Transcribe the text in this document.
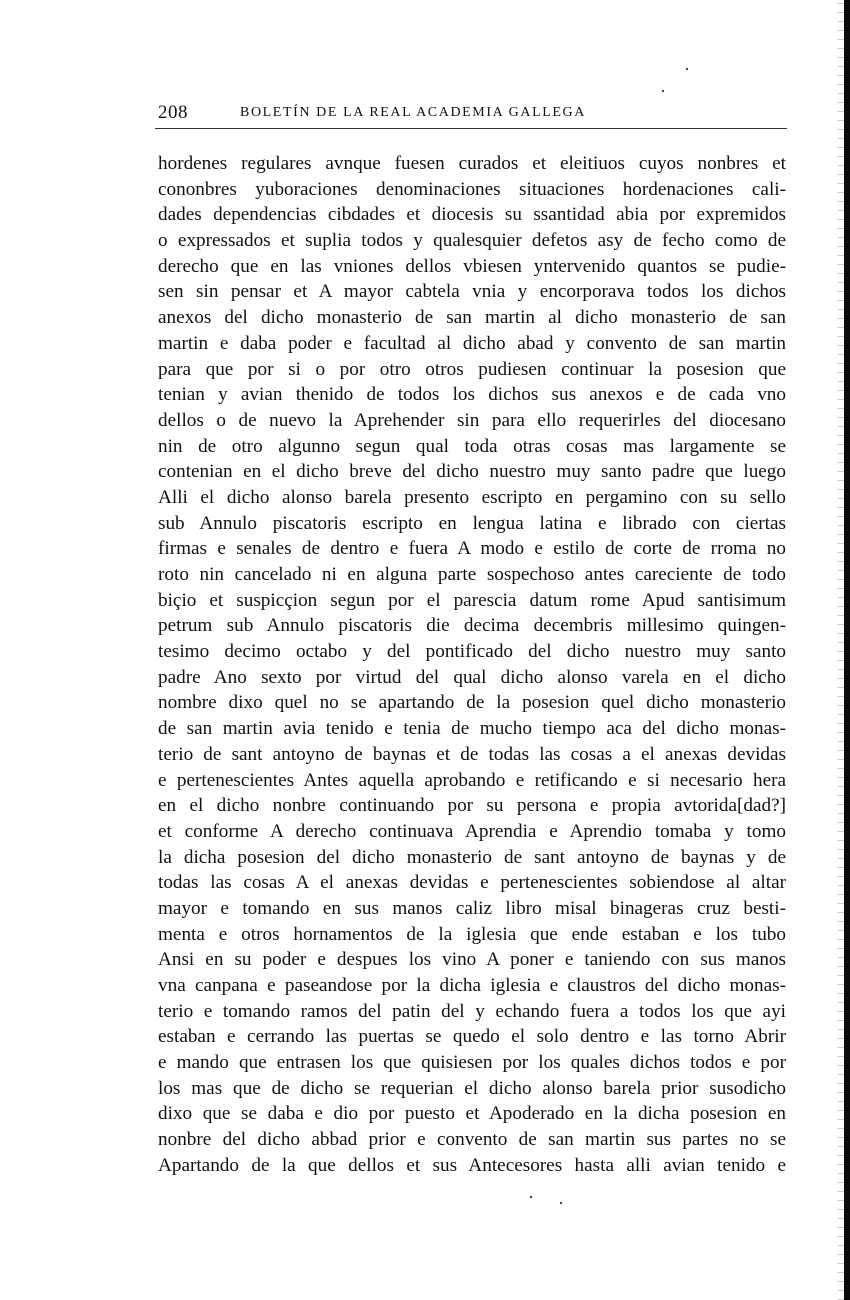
208	BOLETÍN DE LA REAL ACADEMIA GALLEGA
hordenes regulares avnque fuesen curados et eleitiuos cuyos nonbres et
cononbres yuboraciones denominaciones situaciones hordenaciones cali-
dades dependencias cibdades et diocesis su ssantidad abia por expremidos
o expressados et suplia todos y qualesquier defetos asy de fecho como de
derecho que en las vniones dellos vbiesen yntervenido quantos se pudie-
sen sin pensar et A mayor cabtela vnia y encorporava todos los dichos
anexos del dicho monasterio de san martin al dicho monasterio de san
martin e daba poder e facultad al dicho abad y convento de san martin
para que por si o por otro otros pudiesen continuar la posesion que
tenian y avian thenido de todos los dichos sus anexos e de cada vno
dellos o de nuevo la Aprehender sin para ello requerirles del diocesano
nin de otro algunno segun qual toda otras cosas mas largamente se
contenian en el dicho breve del dicho nuestro muy santo padre que luego
Alli el dicho alonso barela presento escripto en pergamino con su sello
sub Annulo piscatoris escripto en lengua latina e librado con ciertas
firmas e senales de dentro e fuera A modo e estilo de corte de rroma no
roto nin cancelado ni en alguna parte sospechoso antes careciente de todo
biçio et suspicçion segun por el parescia datum rome Apud santisimum
petrum sub Annulo piscatoris die decima decembris millesimo quingen-
tesimo decimo octabo y del pontificado del dicho nuestro muy santo
padre Ano sexto por virtud del qual dicho alonso varela en el dicho
nombre dixo quel no se apartando de la posesion quel dicho monasterio
de san martin avia tenido e tenia de mucho tiempo aca del dicho monas-
terio de sant antoyno de baynas et de todas las cosas a el anexas devidas
e pertenescientes Antes aquella aprobando e retificando e si necesario hera
en el dicho nonbre continuando por su persona e propia avtorida[dad?]
et conforme A derecho continuava Aprendia e Aprendio tomaba y tomo
la dicha posesion del dicho monasterio de sant antoyno de baynas y de
todas las cosas A el anexas devidas e pertenescientes sobiendose al altar
mayor e tomando en sus manos caliz libro misal binageras cruz besti-
menta e otros hornamentos de la iglesia que ende estaban e los tubo
Ansi en su poder e despues los vino A poner e taniendo con sus manos
vna canpana e paseandose por la dicha iglesia e claustros del dicho monas-
terio e tomando ramos del patin del y echando fuera a todos los que ayi
estaban e cerrando las puertas se quedo el solo dentro e las torno Abrir
e mando que entrasen los que quisiesen por los quales dichos todos e por
los mas que de dicho se requerian el dicho alonso barela prior susodicho
dixo que se daba e dio por puesto et Apoderado en la dicha posesion en
nonbre del dicho abbad prior e convento de san martin sus partes no se
Apartando de la que dellos et sus Antecesores hasta alli avian tenido e
